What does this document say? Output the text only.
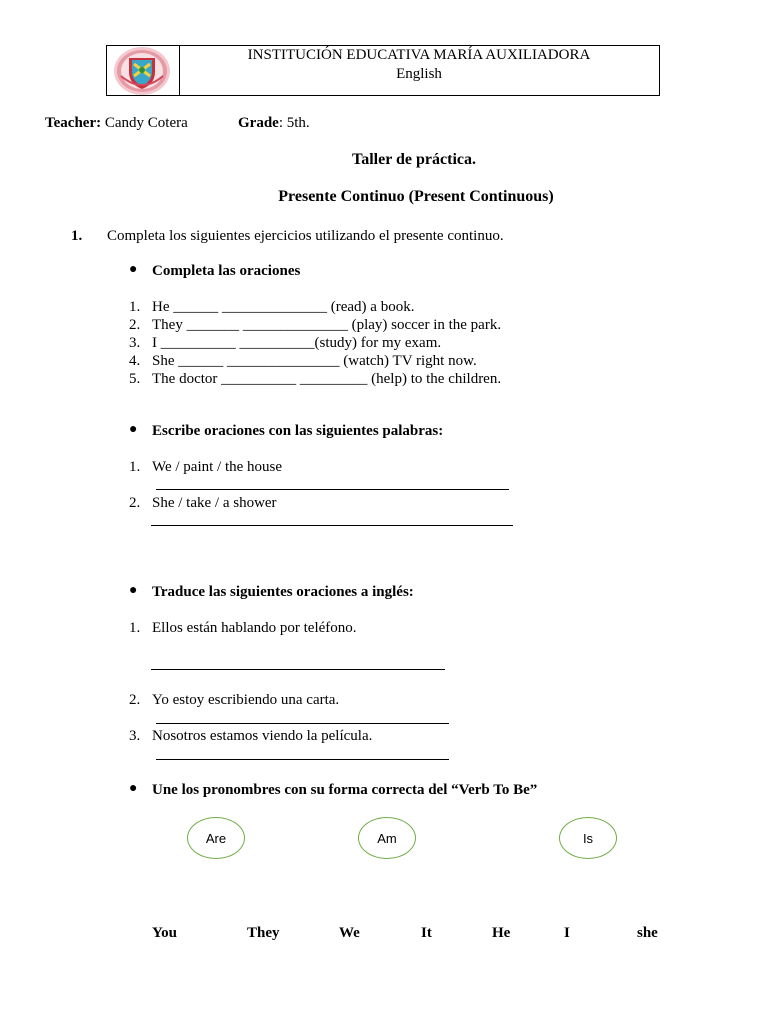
INSTITUCIÓN EDUCATIVA MARÍA AUXILIADORA
English
Teacher: Candy Cotera	Grade: 5th.
Taller de práctica.
Presente Continuo (Present Continuous)
1. Completa los siguientes ejercicios utilizando el presente continuo.
● Completa las oraciones
1. He ______ ______________ (read) a book.
2. They _______ ______________ (play) soccer in the park.
3. I __________ __________(study) for my exam.
4. She ______ _______________ (watch) TV right now.
5. The doctor __________ _________ (help) to the children.
● Escribe oraciones con las siguientes palabras:
1. We / paint / the house
2. She / take / a shower
● Traduce las siguientes oraciones a inglés:
1. Ellos están hablando por teléfono.
2. Yo estoy escribiendo una carta.
3. Nosotros estamos viendo la película.
● Une los pronombres con su forma correcta del “Verb To Be”
Are	Am	Is
You	They	We	It	He	I	she
